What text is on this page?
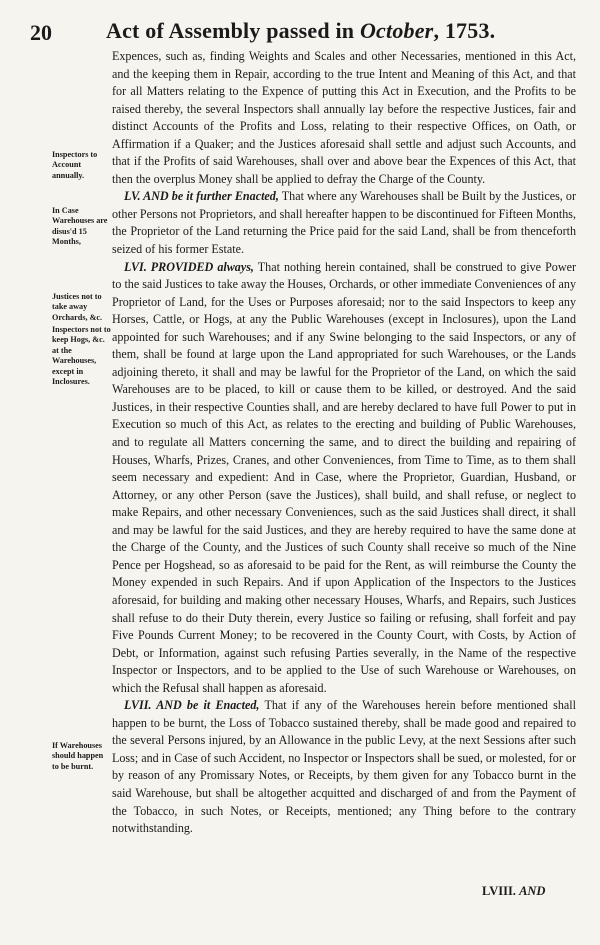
20 Act of Assembly passed in October, 1753.
Inspectors to Account annually.
In Case Warehouses are disus'd 15 Months,
Justices not to take away Orchards, &c.
Inspectors not to keep Hogs, &c. at the Warehouses, except in Inclosures.
If Warehouses should happen to be burnt.

Expences, such as, finding Weights and Scales and other Necessaries, mentioned in this Act, and the keeping them in Repair, according to the true Intent and Meaning of this Act, and that for all Matters relating to the Expence of putting this Act in Execution, and the Profits to be raised thereby, the several Inspectors shall annually lay before the respective Justices, fair and distinct Accounts of the Profits and Loss, relating to their respective Offices, on Oath, or Affirmation if a Quaker; and the Justices aforesaid shall settle and adjust such Accounts, and that if the Profits of said Warehouses, shall over and above bear the Expences of this Act, that then the overplus Money shall be applied to defray the Charge of the County.

LV. AND be it further Enacted, That where any Warehouses shall be Built by the Justices, or other Persons not Proprietors, and shall hereafter happen to be discontinued for Fifteen Months, the Proprietor of the Land returning the Price paid for the said Land, shall be from thenceforth seized of his former Estate.

LVI. PROVIDED always, That nothing herein contained, shall be construed to give Power to the said Justices to take away the Houses, Orchards, or other immediate Conveniences of any Proprietor of Land, for the Uses or Purposes aforesaid; nor to the said Inspectors to keep any Horses, Cattle, or Hogs, at any the Public Warehouses (except in Inclosures), upon the Land appointed for such Warehouses; and if any Swine belonging to the said Inspectors, or any of them, shall be found at large upon the Land appropriated for such Warehouses, or the Lands adjoining thereto, it shall and may be lawful for the Proprietor of the Land, on which the said Warehouses are to be placed, to kill or cause them to be killed, or destroyed. And the said Justices, in their respective Counties shall, and are hereby declared to have full Power to put in Execution so much of this Act, as relates to the erecting and building of Public Warehouses, and to regulate all Matters concerning the same, and to direct the building and repairing of Houses, Wharfs, Prizes, Cranes, and other Conveniences, from Time to Time, as to them shall seem necessary and expedient: And in Case, where the Proprietor, Guardian, Husband, or Attorney, or any other Person (save the Justices), shall build, and shall refuse, or neglect to make Repairs, and other necessary Conveniences, such as the said Justices shall direct, it shall and may be lawful for the said Justices, and they are hereby required to have the same done at the Charge of the County, and the Justices of such County shall receive so much of the Nine Pence per Hogshead, so as aforesaid to be paid for the Rent, as will reimburse the County the Money expended in such Repairs. And if upon Application of the Inspectors to the Justices aforesaid, for building and making other necessary Houses, Wharfs, and Repairs, such Justices shall refuse to do their Duty therein, every Justice so failing or refusing, shall forfeit and pay Five Pounds Current Money; to be recovered in the County Court, with Costs, by Action of Debt, or Information, against such refusing Parties severally, in the Name of the respective Inspector or Inspectors, and to be applied to the Use of such Warehouse or Warehouses, on which the Refusal shall happen as aforesaid.

LVII. AND be it Enacted, That if any of the Warehouses herein before mentioned shall happen to be burnt, the Loss of Tobacco sustained thereby, shall be made good and repaired to the several Persons injured, by an Allowance in the public Levy, at the next Sessions after such Loss; and in Case of such Accident, no Inspector or Inspectors shall be sued, or molested, for or by reason of any Promissary Notes, or Receipts, by them given for any Tobacco burnt in the said Warehouse, but shall be altogether acquitted and discharged of and from the Payment of the Tobacco, in such Notes, or Receipts, mentioned; any Thing before to the contrary notwithstanding.

LVIII. AND
